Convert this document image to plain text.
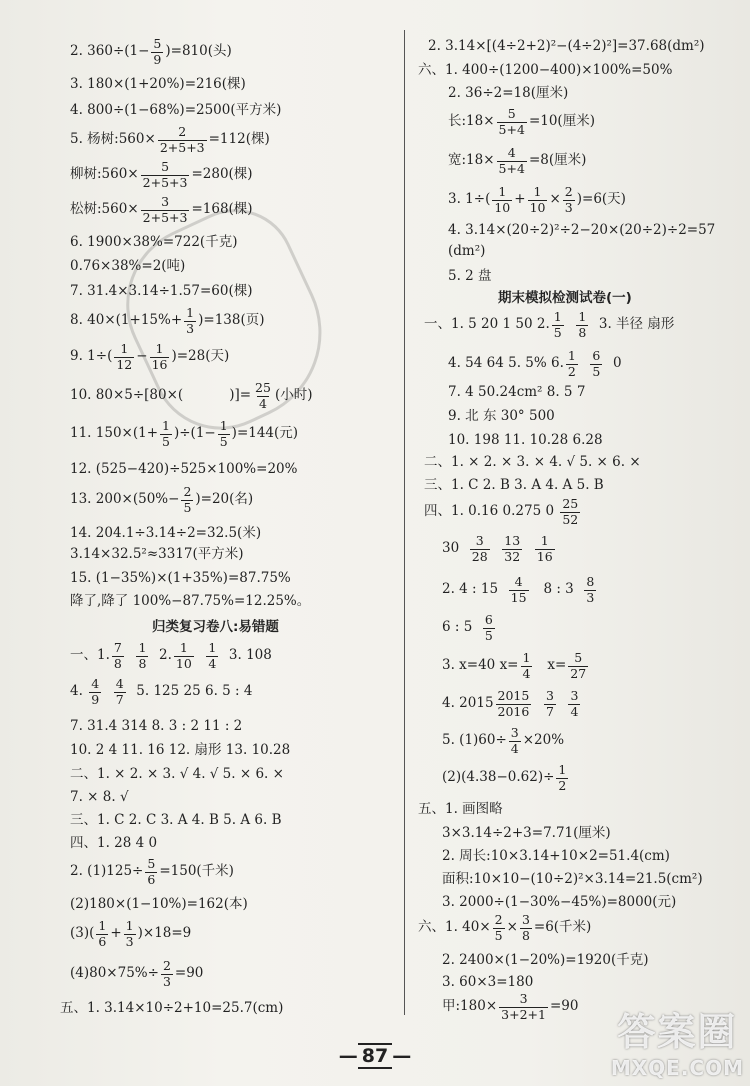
2. $360\div(1- \frac{5}{9} )=810$(头)
3. 180×(1+20%)=216(棵)
4. 800÷(1−68%)=2500(平方米)
5. 杨树:560× $\frac{2}{2+5+3} =112$(棵)
柳树:560× $\frac{5}{2+5+3} =280$(棵)
松树:560× $\frac{3}{2+5+3} =168$(棵)
6. 1900×38%=722(千克)
0.76×38%=2(吨)
7. 31.4×3.14÷1.57=60(棵)
8. $40\times(1+15\%+ \frac{1}{3} )=138$(页)
9. $1\div( \frac{1}{12} - \frac{1}{16} )=28$(天)
10. 80×5÷[80×(	)]= $\frac{25}{4}$ (小时)
11. $150\times(1+ \frac{1}{5} )\div(1- \frac{1}{5} )=144$(元)
12. (525−420)÷525×100%=20%
13. $200\times(50\%- \frac{2}{5} )=20$(名)
14. 204.1÷3.14÷2=32.5(米)
3.14×32.5²≈3317(平方米)
15. (1−35%)×(1+35%)=87.75%
降了,降了 100%−87.75%=12.25%。
归类复习卷八:易错题
一、1. $\frac{7}{8}$
$\frac{1}{8}$
2. $\frac{1}{10}$
$\frac{1}{4}$
3. 108
4.
$\frac{4}{9}$
$\frac{4}{7}$
5. 125 25 6. 5 : 4
7. 31.4 314 8. 3 : 2 11 : 2
10. 2 4 11. 16 12. 扇形 13. 10.28
二、1. × 2. × 3. √ 4. √ 5. × 6. ×
7. × 8. √
三、1. C 2. C 3. A 4. B 5. A 6. B
四、1. 28 4 0
2. $(1)125\div \frac{5}{6} =150$(千米)
(2)180×(1−10%)=162(本)
$(3)( \frac{1}{6} + \frac{1}{3} )\times 18=9$
$(4)80\times 75\%\div \frac{2}{3} =90$
五、1. 3.14×10÷2+10=25.7(cm)
2. 3.14×[(4÷2+2)²−(4÷2)²]=37.68(dm²)
六、1. 400÷(1200−400)×100%=50%
2. 36÷2=18(厘米)
长:18× $\frac{5}{5+4} =10$(厘米)
宽:18× $\frac{4}{5+4} =8$(厘米)
3. $1\div( \frac{1}{10} + \frac{1}{10} \times \frac{2}{3} )=6$(天)
4. 3.14×(20÷2)²÷2−20×(20÷2)÷2=57
(dm²)
5. 2 盘
期末模拟检测试卷(一)
一、1. 5 20 1 50 2. $\frac{1}{5}$
$\frac{1}{8}$
3. 半径 扇形
4. 54 64 5. 5% 6. $\frac{1}{2}$
$\frac{6}{5}$
0
7. 4 50.24cm² 8. 5 7
9. 北 东 30° 500
10. 198 11. 10.28 6.28
二、1. × 2. × 3. × 4. √ 5. × 6. ×
三、1. C 2. B 3. A 4. A 5. B
四、1. 0.16 0.275 0
$\frac{25}{52}$
30
$\frac{3}{28}$
$\frac{13}{32}$
$\frac{1}{16}$
2. 4 : 15
$\frac{4}{15}$
8 : 3
$\frac{8}{3}$
6 : 5
$\frac{6}{5}$
3. x=40 $x= \frac{1}{4}$
$x= \frac{5}{27}$
4. $2015 \frac{2015}{2016}$
$\frac{3}{7}$
$\frac{3}{4}$
5. $(1)60\div \frac{3}{4} \times 20\%$
$(2)(4.38-0.62)\div \frac{1}{2}$
五、1. 画图略
3×3.14÷2+3=7.71(厘米)
2. 周长:10×3.14+10×2=51.4(cm)
面积:10×10−(10÷2)²×3.14=21.5(cm²)
3. 2000÷(1−30%−45%)=8000(元)
六、1. $40\times \frac{2}{5} \times \frac{3}{8} =6$(千米)
2. 2400×(1−20%)=1920(千克)
3. 60×3=180
甲:180× $\frac{3}{3+2+1} =90$
— 87 —
答案圈
MXQE.COM
